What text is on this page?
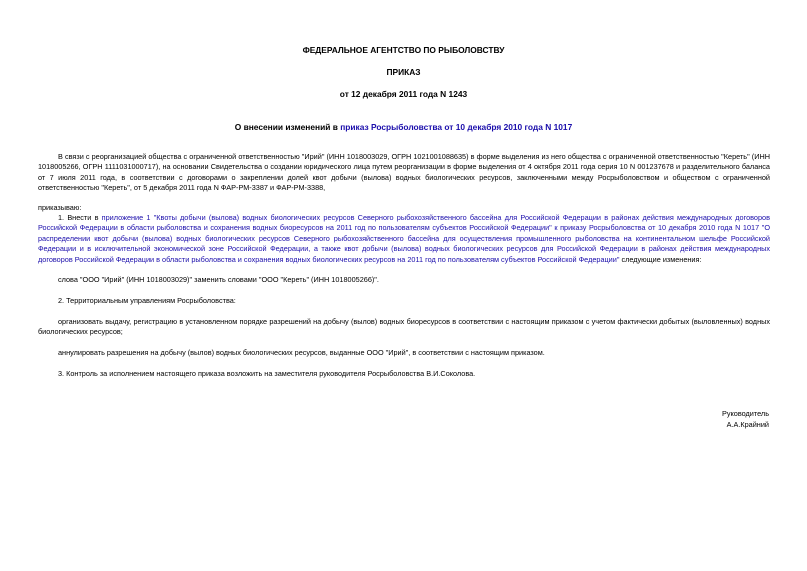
ФЕДЕРАЛЬНОЕ АГЕНТСТВО ПО РЫБОЛОВСТВУ
ПРИКАЗ
от 12 декабря 2011 года N 1243
О внесении изменений в приказ Росрыболовства от 10 декабря 2010 года N 1017
В связи с реорганизацией общества с ограниченной ответственностью "Ирий" (ИНН 1018003029, ОГРН 1021001088635) в форме выделения из него общества с ограниченной ответственностью "Кереть" (ИНН 1018005266, ОГРН 1111031000717), на основании Свидетельства о создании юридического лица путем реорганизации в форме выделения от 4 октября 2011 года серия 10 N 001237678 и разделительного баланса от 7 июля 2011 года, в соответствии с договорами о закреплении долей квот добычи (вылова) водных биологических ресурсов, заключенными между Росрыболовством и обществом с ограниченной ответственностью "Кереть", от 5 декабря 2011 года N ФАР-РМ-3387 и ФАР-РМ-3388,
приказываю:
1. Внести в приложение 1 "Квоты добычи (вылова) водных биологических ресурсов Северного рыбохозяйственного бассейна для Российской Федерации в районах действия международных договоров Российской Федерации в области рыболовства и сохранения водных биоресурсов на 2011 год по пользователям субъектов Российской Федерации" к приказу Росрыболовства от 10 декабря 2010 года N 1017 "О распределении квот добычи (вылова) водных биологических ресурсов Северного рыбохозяйственного бассейна для осуществления промышленного рыболовства на континентальном шельфе Российской Федерации и в исключительной экономической зоне Российской Федерации, а также квот добычи (вылова) водных биологических ресурсов для Российской Федерации в районах действия международных договоров Российской Федерации в области рыболовства и сохранения водных биологических ресурсов на 2011 год по пользователям субъектов Российской Федерации" следующие изменения:
слова "ООО "Ирий" (ИНН 1018003029)" заменить словами "ООО "Кереть" (ИНН 1018005266)".
2. Территориальным управлениям Росрыболовства:
организовать выдачу, регистрацию в установленном порядке разрешений на добычу (вылов) водных биоресурсов в соответствии с настоящим приказом с учетом фактически добытых (выловленных) водных биологических ресурсов;
аннулировать разрешения на добычу (вылов) водных биологических ресурсов, выданные ООО "Ирий", в соответствии с настоящим приказом.
3. Контроль за исполнением настоящего приказа возложить на заместителя руководителя Росрыболовства В.И.Соколова.
Руководитель
А.А.Крайний
